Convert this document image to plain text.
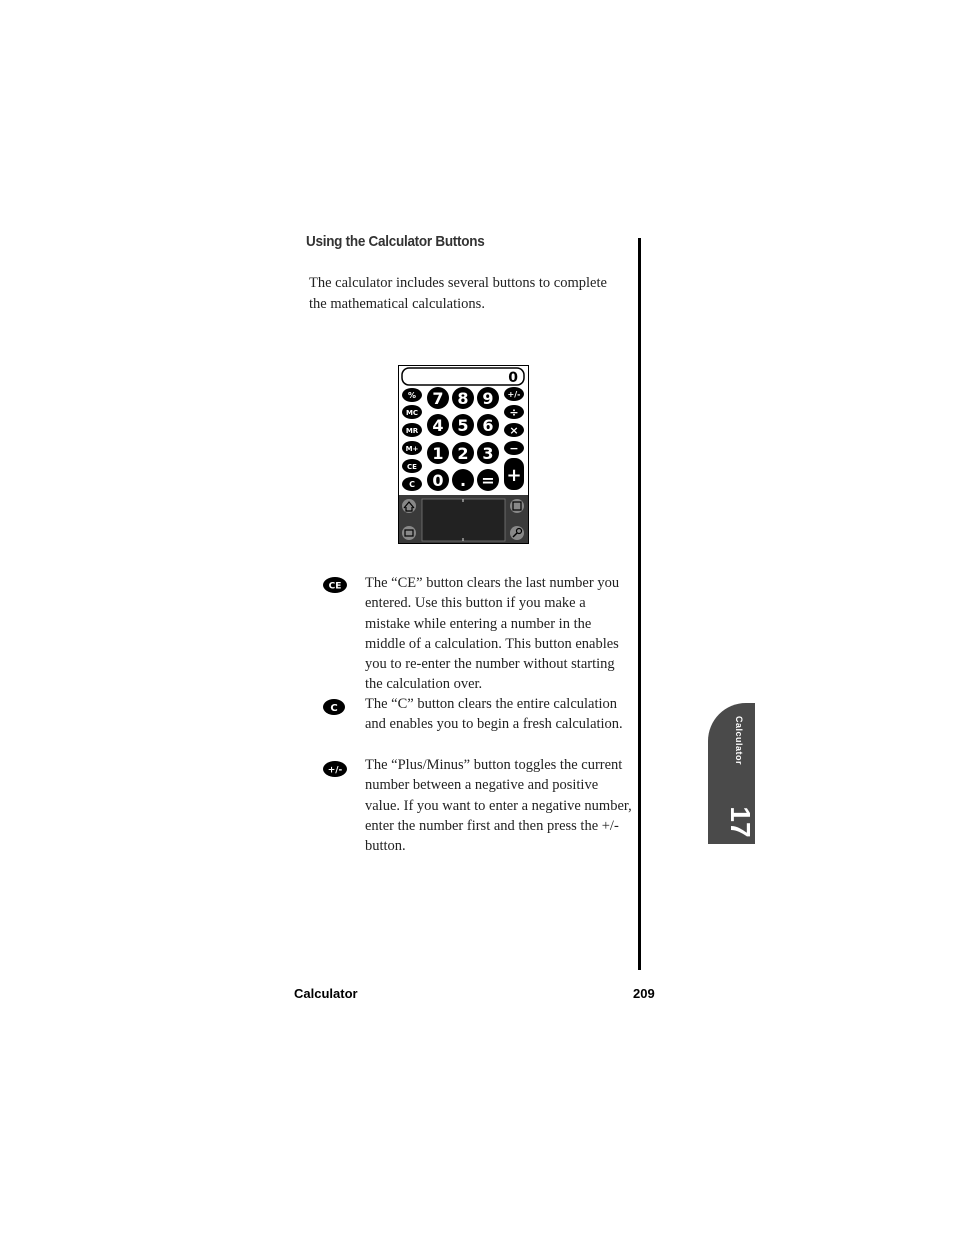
Using the Calculator Buttons
The calculator includes several buttons to complete the mathematical calculations.
0
%
MC
MR
M+
CE
C
7 8 9
4 5 6
1 2 3
0 . =
+/-
÷
×
−
+
CE The “CE” button clears the last number you entered. Use this button if you make a mistake while entering a number in the middle of a calculation. This button enables you to re-enter the number without starting the calculation over.
C The “C” button clears the entire calculation and enables you to begin a fresh calculation.
+/- The “Plus/Minus” button toggles the current number between a negative and positive value. If you want to enter a negative number, enter the number first and then press the +/- button.
Calculator
17
Calculator	209
